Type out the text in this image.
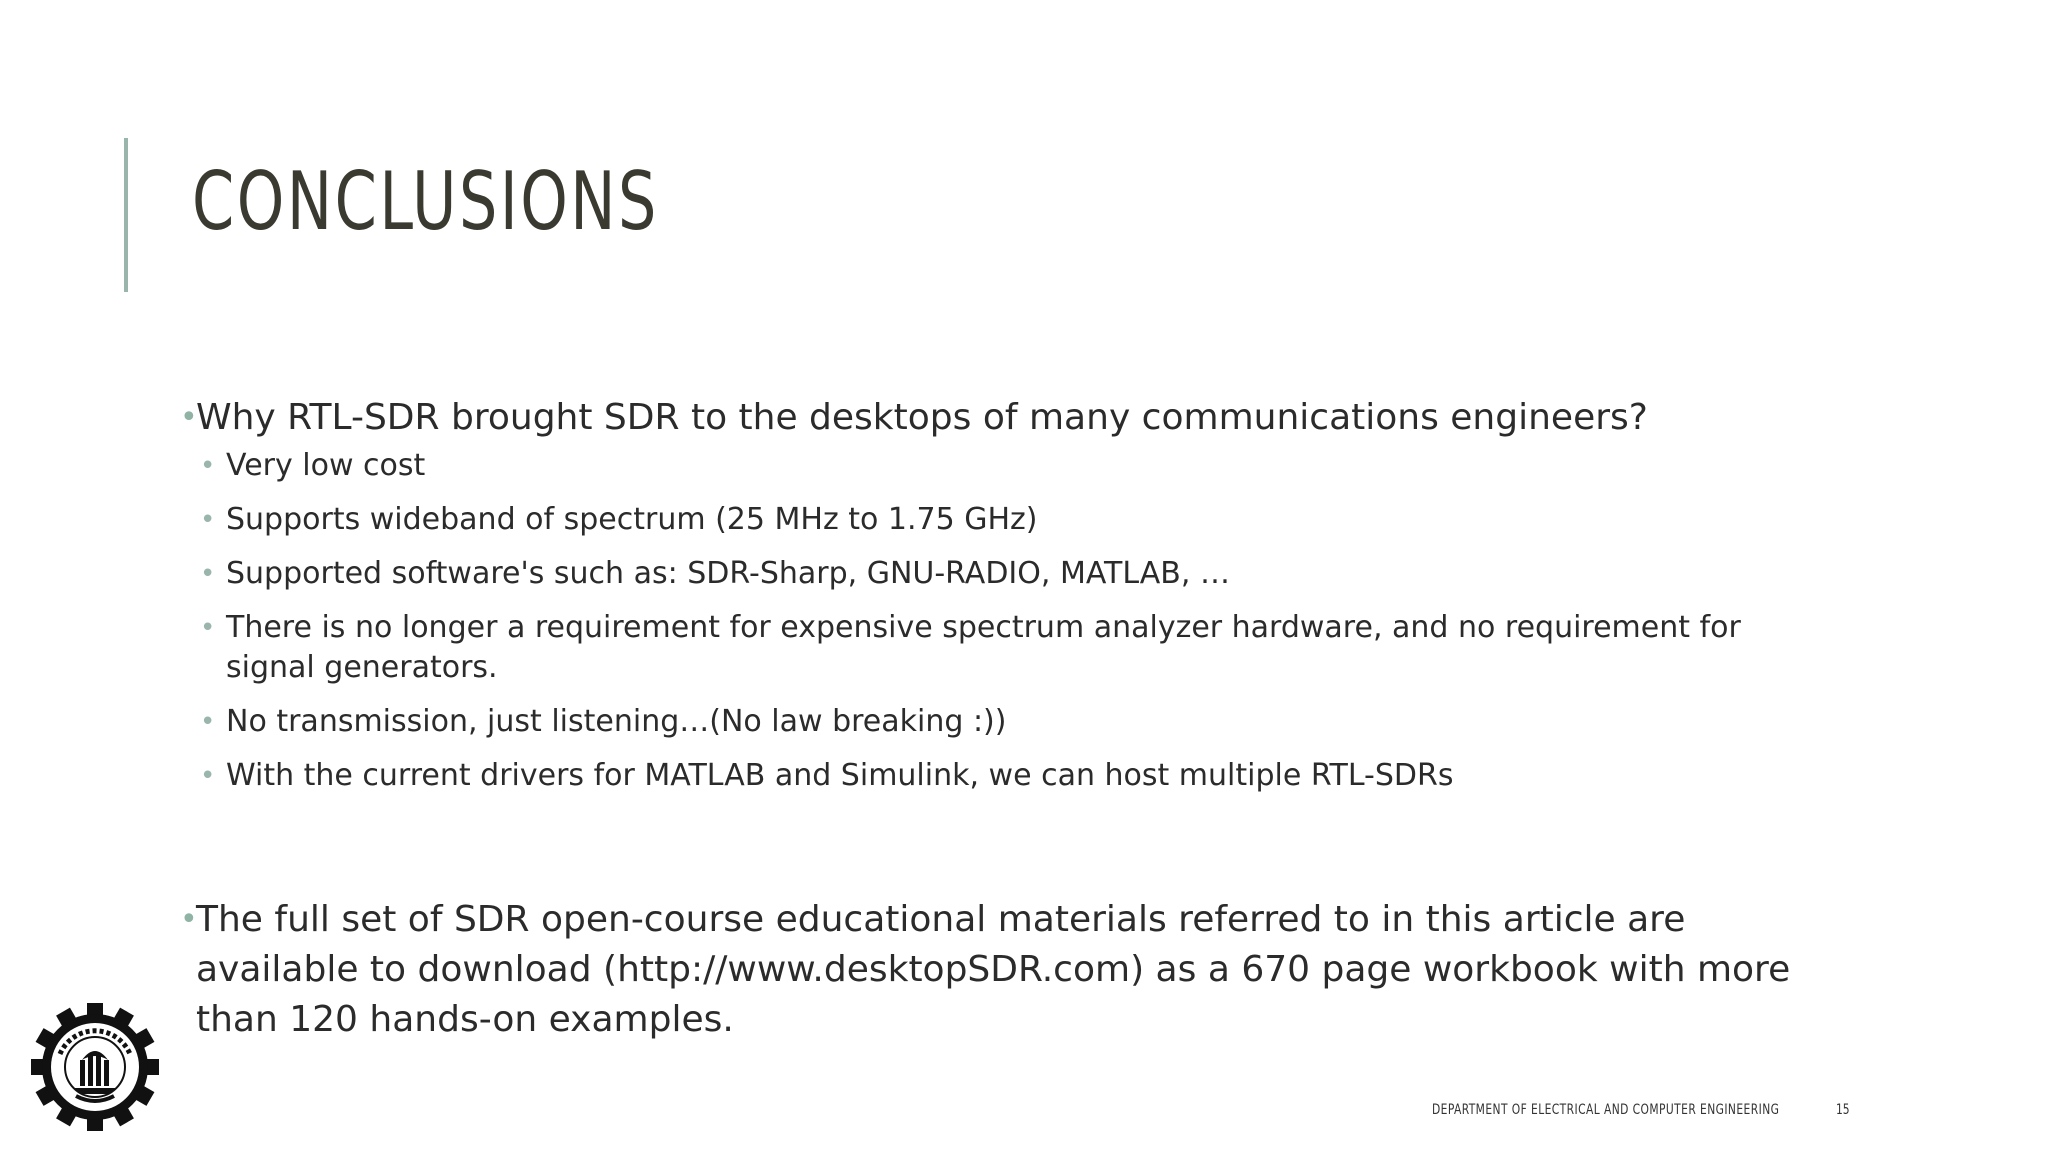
CONCLUSIONS

• Why RTL-SDR brought SDR to the desktops of many communications engineers?

• Very low cost
• Supports wideband of spectrum (25 MHz to 1.75 GHz)
• Supported software's such as: SDR-Sharp, GNU-RADIO, MATLAB, …
• There is no longer a requirement for expensive spectrum analyzer hardware, and no requirement for signal generators.
• No transmission, just listening…(No law breaking :))
• With the current drivers for MATLAB and Simulink, we can host multiple RTL-SDRs

• The full set of SDR open-course educational materials referred to in this article are available to download (http://www.desktopSDR.com) as a 670 page workbook with more than 120 hands-on examples.

DEPARTMENT OF ELECTRICAL AND COMPUTER ENGINEERING	15
